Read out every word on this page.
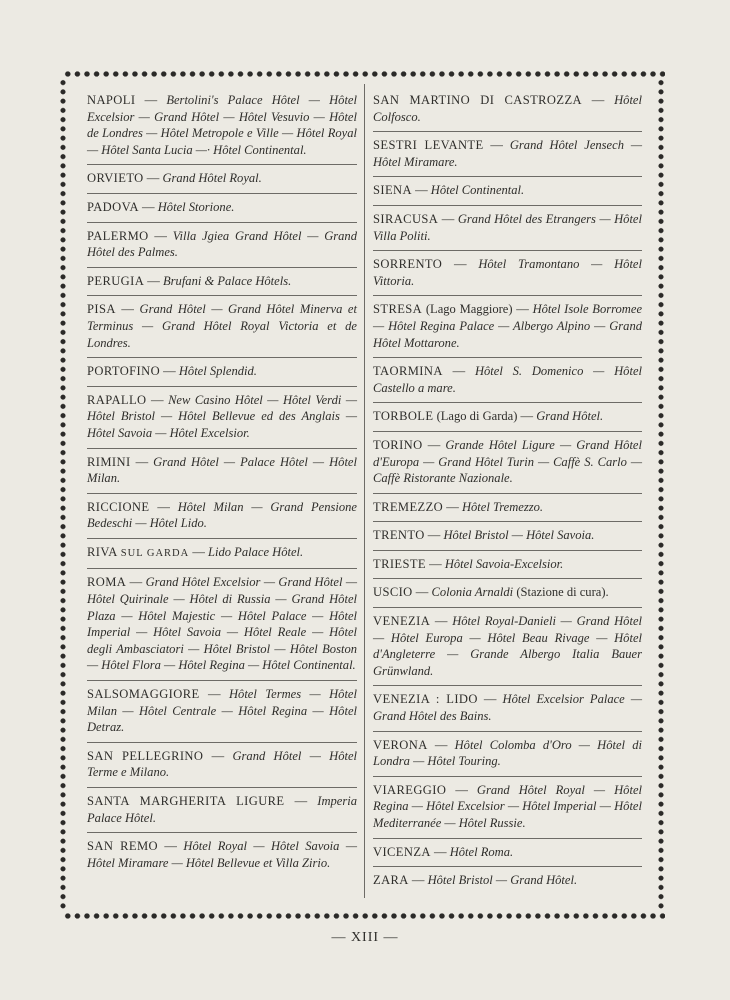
NAPOLI — Bertolini's Palace Hôtel — Hôtel Excelsior — Grand Hôtel — Hôtel Vesuvio — Hôtel de Londres — Hôtel Metropole e Ville — Hôtel Royal — Hôtel Santa Lucia —· Hôtel Continental.
ORVIETO — Grand Hôtel Royal.
PADOVA — Hôtel Storione.
PALERMO — Villa Jgiea Grand Hôtel — Grand Hôtel des Palmes.
PERUGIA — Brufani & Palace Hôtels.
PISA — Grand Hôtel — Grand Hôtel Minerva et Terminus — Grand Hôtel Royal Victoria et de Londres.
PORTOFINO — Hôtel Splendid.
RAPALLO — New Casino Hôtel — Hôtel Verdi — Hôtel Bristol — Hôtel Bellevue ed des Anglais — Hôtel Savoia — Hôtel Excelsior.
RIMINI — Grand Hôtel — Palace Hôtel — Hôtel Milan.
RICCIONE — Hôtel Milan — Grand Pensione Bedeschi — Hôtel Lido.
RIVA SUL GARDA — Lido Palace Hôtel.
ROMA — Grand Hôtel Excelsior — Grand Hôtel — Hôtel Quirinale — Hôtel di Russia — Grand Hôtel Plaza — Hôtel Majestic — Hôtel Palace — Hôtel Imperial — Hôtel Savoia — Hôtel Reale — Hôtel degli Ambasciatori — Hôtel Bristol — Hôtel Boston — Hôtel Flora — Hôtel Regina — Hôtel Continental.
SALSOMAGGIORE — Hôtel Termes — Hôtel Milan — Hôtel Centrale — Hôtel Regina — Hôtel Detraz.
SAN PELLEGRINO — Grand Hôtel — Hôtel Terme e Milano.
SANTA MARGHERITA LIGURE — Imperia Palace Hôtel.
SAN REMO — Hôtel Royal — Hôtel Savoia — Hôtel Miramare — Hôtel Bellevue et Villa Zirio.
SAN MARTINO DI CASTROZZA — Hôtel Colfosco.
SESTRI LEVANTE — Grand Hôtel Jensech — Hôtel Miramare.
SIENA — Hôtel Continental.
SIRACUSA — Grand Hôtel des Etrangers — Hôtel Villa Politi.
SORRENTO — Hôtel Tramontano — Hôtel Vittoria.
STRESA (Lago Maggiore) — Hôtel Isole Borromee — Hôtel Regina Palace — Albergo Alpino — Grand Hôtel Mottarone.
TAORMINA — Hôtel S. Domenico — Hôtel Castello a mare.
TORBOLE (Lago di Garda) — Grand Hôtel.
TORINO — Grande Hôtel Ligure — Grand Hôtel d'Europa — Grand Hôtel Turin — Caffè S. Carlo — Caffè Ristorante Nazionale.
TREMEZZO — Hôtel Tremezzo.
TRENTO — Hôtel Bristol — Hôtel Savoia.
TRIESTE — Hôtel Savoia-Excelsior.
USCIO — Colonia Arnaldi (Stazione di cura).
VENEZIA — Hôtel Royal-Danieli — Grand Hôtel — Hôtel Europa — Hôtel Beau Rivage — Hôtel d'Angleterre — Grande Albergo Italia Bauer Grünwland.
VENEZIA : LIDO — Hôtel Excelsior Palace — Grand Hôtel des Bains.
VERONA — Hôtel Colomba d'Oro — Hôtel di Londra — Hôtel Touring.
VIAREGGIO — Grand Hôtel Royal — Hôtel Regina — Hôtel Excelsior — Hôtel Imperial — Hôtel Mediterranée — Hôtel Russie.
VICENZA — Hôtel Roma.
ZARA — Hôtel Bristol — Grand Hôtel.
— XIII —
